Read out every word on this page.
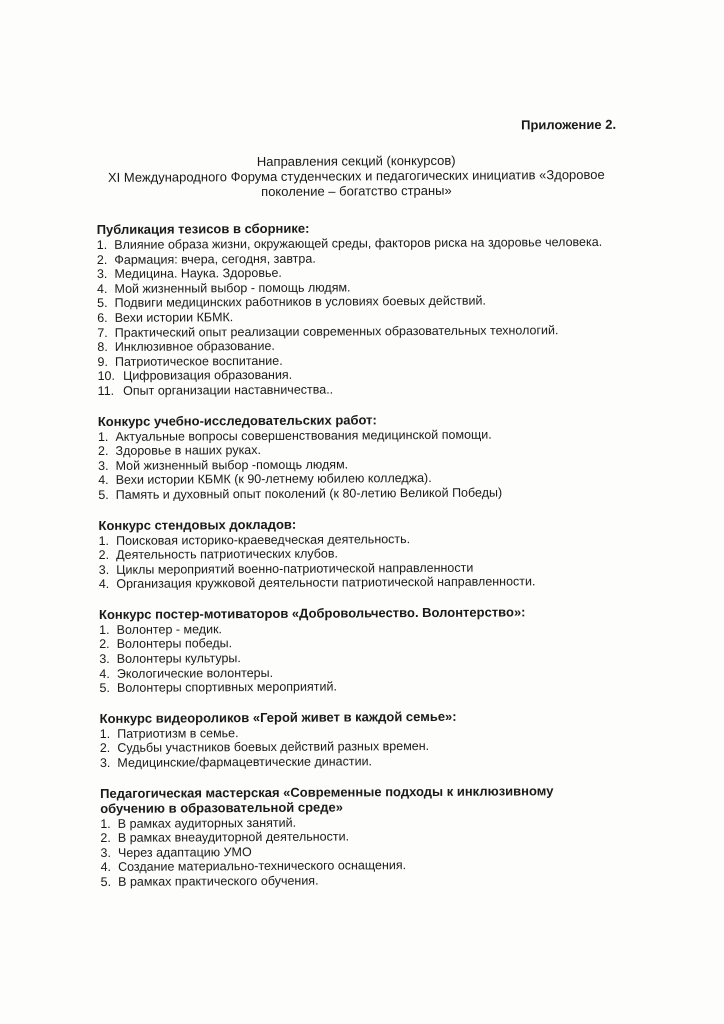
Приложение 2.
Направления секций (конкурсов)
XI Международного Форума студенческих и педагогических инициатив «Здоровое
поколение – богатство страны»
Публикация тезисов в сборнике:
1. Влияние образа жизни, окружающей среды, факторов риска на здоровье человека.
2. Фармация: вчера, сегодня, завтра.
3. Медицина. Наука. Здоровье.
4. Мой жизненный выбор - помощь людям.
5. Подвиги медицинских работников в условиях боевых действий.
6. Вехи истории КБМК.
7. Практический опыт реализации современных образовательных технологий.
8. Инклюзивное образование.
9. Патриотическое воспитание.
10. Цифровизация образования.
11. Опыт организации наставничества..
Конкурс учебно-исследовательских работ:
1. Актуальные вопросы совершенствования медицинской помощи.
2. Здоровье в наших руках.
3. Мой жизненный выбор -помощь людям.
4. Вехи истории КБМК (к 90-летнему юбилею колледжа).
5. Память и духовный опыт поколений (к 80-летию Великой Победы)
Конкурс стендовых докладов:
1. Поисковая историко-краеведческая деятельность.
2. Деятельность патриотических клубов.
3. Циклы мероприятий военно-патриотической направленности
4. Организация кружковой деятельности патриотической направленности.
Конкурс постер-мотиваторов «Добровольчество. Волонтерство»:
1. Волонтер - медик.
2. Волонтеры победы.
3. Волонтеры культуры.
4. Экологические волонтеры.
5. Волонтеры спортивных мероприятий.
Конкурс видеороликов «Герой живет в каждой семье»:
1. Патриотизм в семье.
2. Судьбы участников боевых действий разных времен.
3. Медицинские/фармацевтические династии.
Педагогическая мастерская «Современные подходы к инклюзивному обучению в образовательной среде»
1. В рамках аудиторных занятий.
2. В рамках внеаудиторной деятельности.
3. Через адаптацию УМО
4. Создание материально-технического оснащения.
5. В рамках практического обучения.
